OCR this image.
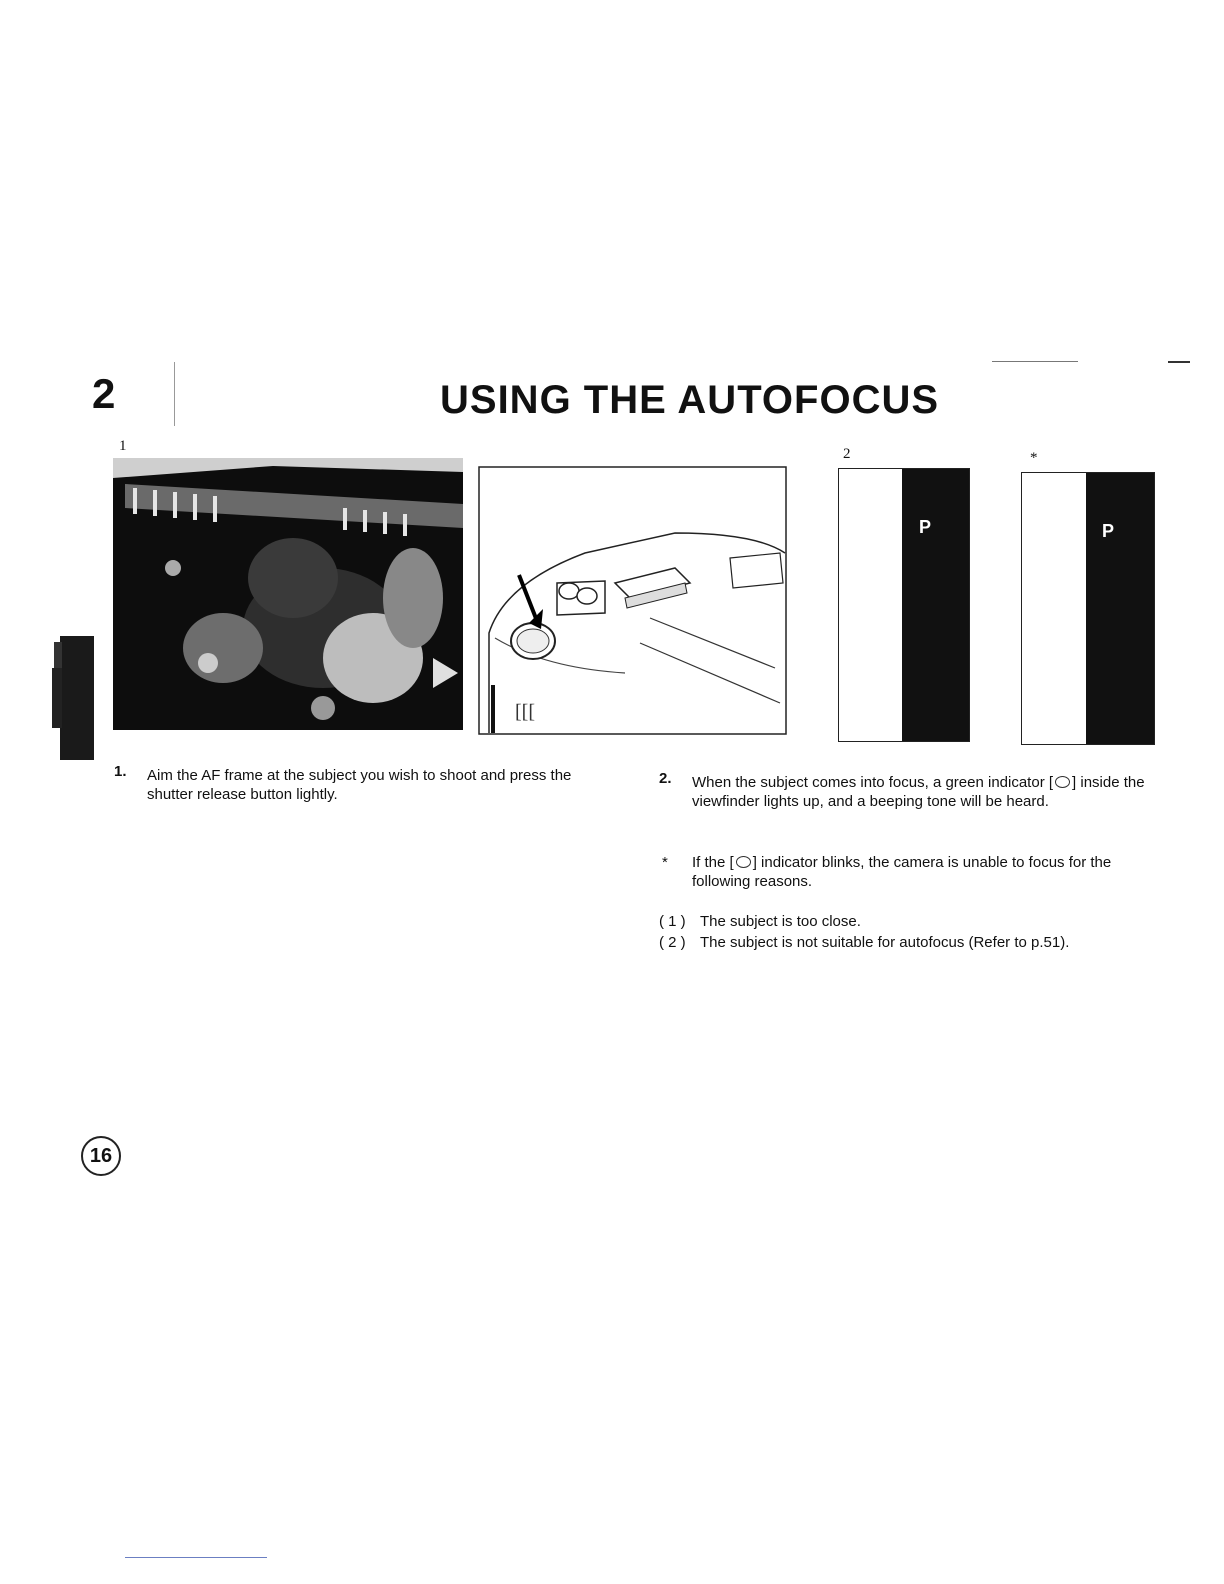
2	USING THE AUTOFOCUS
1	2	*
[[[
P	P
1. Aim the AF frame at the subject you wish to shoot and press the shutter release button lightly.
2. When the subject comes into focus, a green indicator [ ] inside the viewfinder lights up, and a beeping tone will be heard.
* If the [ ] indicator blinks, the camera is unable to focus for the following reasons.
( 1 ) The subject is too close.
( 2 ) The subject is not suitable for autofocus (Refer to p.51).
16
